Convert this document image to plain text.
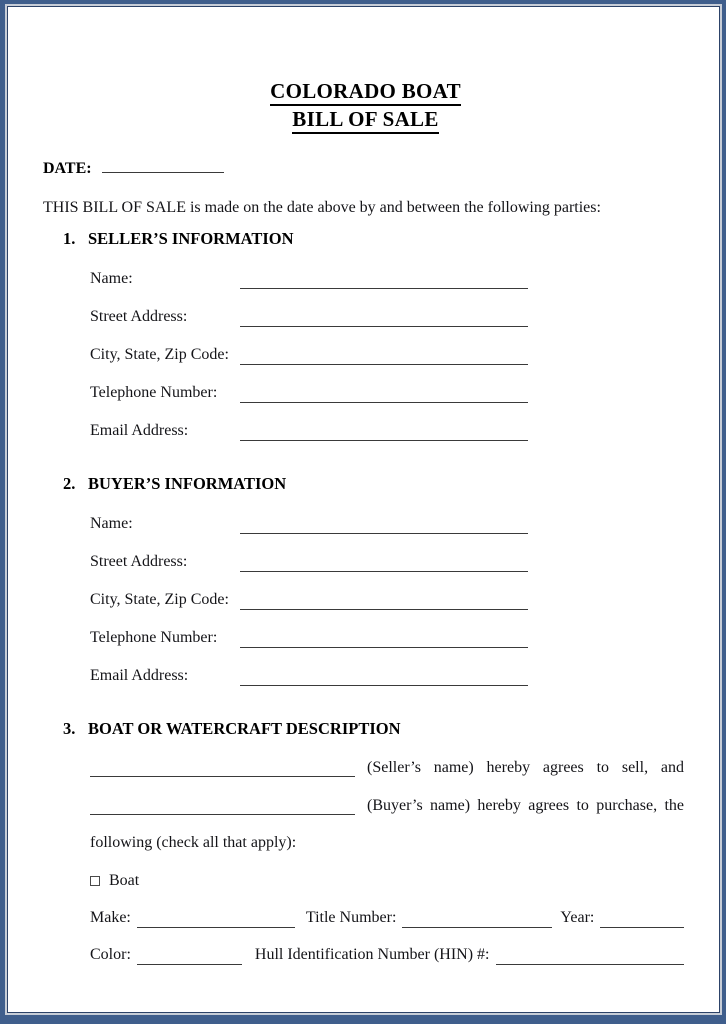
COLORADO BOAT
BILL OF SALE
DATE:

THIS BILL OF SALE is made on the date above by and between the following parties:

1. SELLER’S INFORMATION
Name:
Street Address:
City, State, Zip Code:
Telephone Number:
Email Address:
2. BUYER’S INFORMATION
Name:
Street Address:
City, State, Zip Code:
Telephone Number:
Email Address:
3. BOAT OR WATERCRAFT DESCRIPTION
(Seller’s name) hereby agrees to sell, and
(Buyer’s name) hereby agrees to purchase, the

following (check all that apply):

Boat
Make:	Title Number:	Year:
Color:	Hull Identification Number (HIN) #:
